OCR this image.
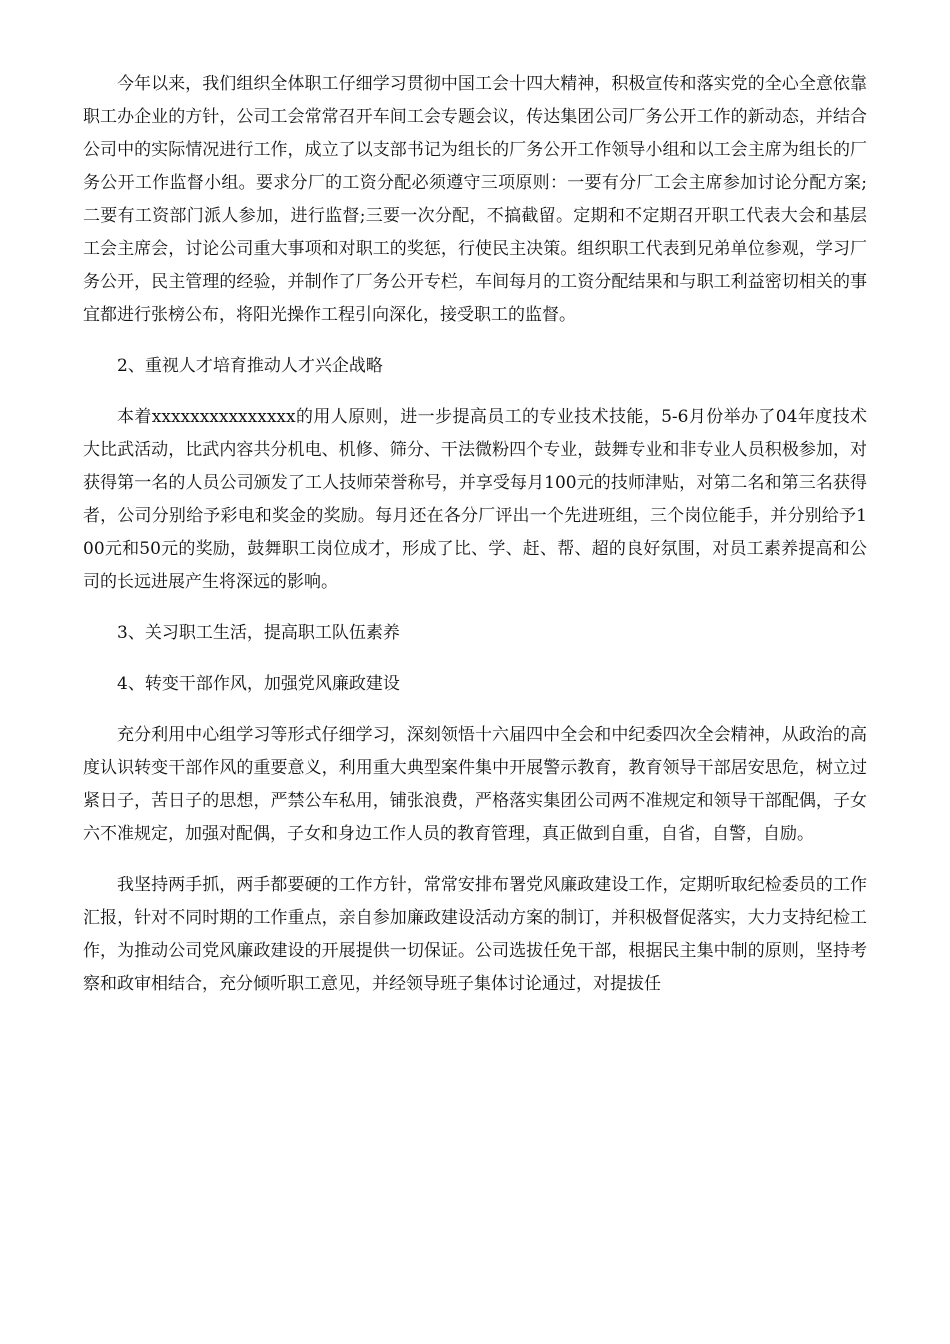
今年以来，我们组织全体职工仔细学习贯彻中国工会十四大精神，积极宣传和落实党的全心全意依靠职工办企业的方针，公司工会常常召开车间工会专题会议，传达集团公司厂务公开工作的新动态，并结合公司中的实际情况进行工作，成立了以支部书记为组长的厂务公开工作领导小组和以工会主席为组长的厂务公开工作监督小组。要求分厂的工资分配必须遵守三项原则：一要有分厂工会主席参加讨论分配方案;二要有工资部门派人参加，进行监督;三要一次分配，不搞截留。定期和不定期召开职工代表大会和基层工会主席会，讨论公司重大事项和对职工的奖惩，行使民主决策。组织职工代表到兄弟单位参观，学习厂务公开，民主管理的经验，并制作了厂务公开专栏，车间每月的工资分配结果和与职工利益密切相关的事宜都进行张榜公布，将阳光操作工程引向深化，接受职工的监督。

2、重视人才培育推动人才兴企战略

本着xxxxxxxxxxxxxxx的用人原则，进一步提高员工的专业技术技能，5-6月份举办了04年度技术大比武活动，比武内容共分机电、机修、筛分、干法微粉四个专业，鼓舞专业和非专业人员积极参加，对获得第一名的人员公司颁发了工人技师荣誉称号，并享受每月100元的技师津贴，对第二名和第三名获得者，公司分别给予彩电和奖金的奖励。每月还在各分厂评出一个先进班组，三个岗位能手，并分别给予100元和50元的奖励，鼓舞职工岗位成才，形成了比、学、赶、帮、超的良好氛围，对员工素养提高和公司的长远进展产生将深远的影响。

3、关习职工生活，提高职工队伍素养

4、转变干部作风，加强党风廉政建设

充分利用中心组学习等形式仔细学习，深刻领悟十六届四中全会和中纪委四次全会精神，从政治的高度认识转变干部作风的重要意义，利用重大典型案件集中开展警示教育，教育领导干部居安思危，树立过紧日子，苦日子的思想，严禁公车私用，铺张浪费，严格落实集团公司两不准规定和领导干部配偶，子女六不准规定，加强对配偶，子女和身边工作人员的教育管理，真正做到自重，自省，自警，自励。

我坚持两手抓，两手都要硬的工作方针，常常安排布署党风廉政建设工作，定期听取纪检委员的工作汇报，针对不同时期的工作重点，亲自参加廉政建设活动方案的制订，并积极督促落实，大力支持纪检工作，为推动公司党风廉政建设的开展提供一切保证。公司选拔任免干部，根据民主集中制的原则，坚持考察和政审相结合，充分倾听职工意见，并经领导班子集体讨论通过，对提拔任
